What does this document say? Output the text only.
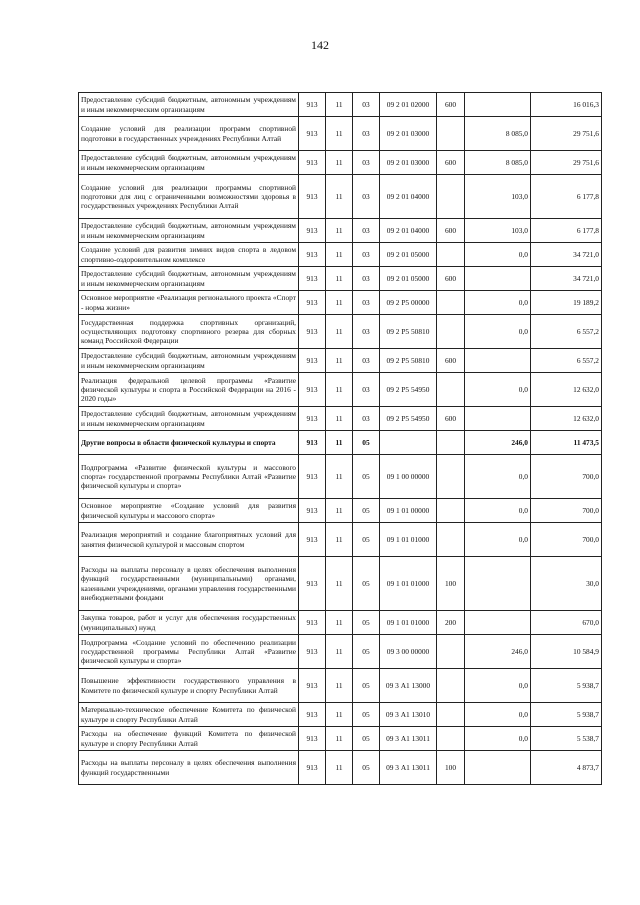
142
Предоставление субсидий бюджетным, автономным учреждениям и иным некоммерческим организациям	913	11	03	09 2 01 02000	600		16 016,3
Создание условий для реализации программ спортивной подготовки в государственных учреждениях Республики Алтай	913	11	03	09 2 01 03000		8 085,0	29 751,6
Предоставление субсидий бюджетным, автономным учреждениям и иным некоммерческим организациям	913	11	03	09 2 01 03000	600	8 085,0	29 751,6
Создание условий для реализации программы спортивной подготовки для лиц с ограниченными возможностями здоровья в государственных учреждениях Республики Алтай	913	11	03	09 2 01 04000		103,0	6 177,8
Предоставление субсидий бюджетным, автономным учреждениям и иным некоммерческим организациям	913	11	03	09 2 01 04000	600	103,0	6 177,8
Создание условий для развития зимних видов спорта в ледовом спортивно-оздоровительном комплексе	913	11	03	09 2 01 05000		0,0	34 721,0
Предоставление субсидий бюджетным, автономным учреждениям и иным некоммерческим организациям	913	11	03	09 2 01 05000	600		34 721,0
Основное мероприятие «Реализация регионального проекта «Спорт - норма жизни»	913	11	03	09 2 P5 00000		0,0	19 189,2
Государственная поддержка спортивных организаций, осуществляющих подготовку спортивного резерва для сборных команд Российской Федерации	913	11	03	09 2 P5 50810		0,0	6 557,2
Предоставление субсидий бюджетным, автономным учреждениям и иным некоммерческим организациям	913	11	03	09 2 P5 50810	600		6 557,2
Реализация федеральной целевой программы «Развитие физической культуры и спорта в Российской Федерации на 2016 - 2020 годы»	913	11	03	09 2 P5 54950		0,0	12 632,0
Предоставление субсидий бюджетным, автономным учреждениям и иным некоммерческим организациям	913	11	03	09 2 P5 54950	600		12 632,0
Другие вопросы в области физической культуры и спорта	913	11	05			246,0	11 473,5
Подпрограмма «Развитие физической культуры и массового спорта» государственной программы Республики Алтай «Развитие физической культуры и спорта»	913	11	05	09 1 00 00000		0,0	700,0
Основное мероприятие «Создание условий для развития физической культуры и массового спорта»	913	11	05	09 1 01 00000		0,0	700,0
Реализация мероприятий и создание благоприятных условий для занятия физической культурой и массовым спортом	913	11	05	09 1 01 01000		0,0	700,0
Расходы на выплаты персоналу в целях обеспечения выполнения функций государственными (муниципальными) органами, казенными учреждениями, органами управления государственными внебюджетными фондами	913	11	05	09 1 01 01000	100		30,0
Закупка товаров, работ и услуг для обеспечения государственных (муниципальных) нужд	913	11	05	09 1 01 01000	200		670,0
Подпрограмма «Создание условий по обеспечению реализации государственной программы Республики Алтай «Развитие физической культуры и спорта»	913	11	05	09 3 00 00000		246,0	10 584,9
Повышение эффективности государственного управления в Комитете по физической культуре и спорту Республики Алтай	913	11	05	09 3 А1 13000		0,0	5 938,7
Материально-техническое обеспечение Комитета по физической культуре и спорту Республики Алтай	913	11	05	09 3 А1 13010		0,0	5 938,7
Расходы на обеспечение функций Комитета по физической культуре и спорту Республики Алтай	913	11	05	09 3 А1 13011		0,0	5 538,7
Расходы на выплаты персоналу в целях обеспечения выполнения функций государственными	913	11	05	09 3 А1 13011	100		4 873,7
